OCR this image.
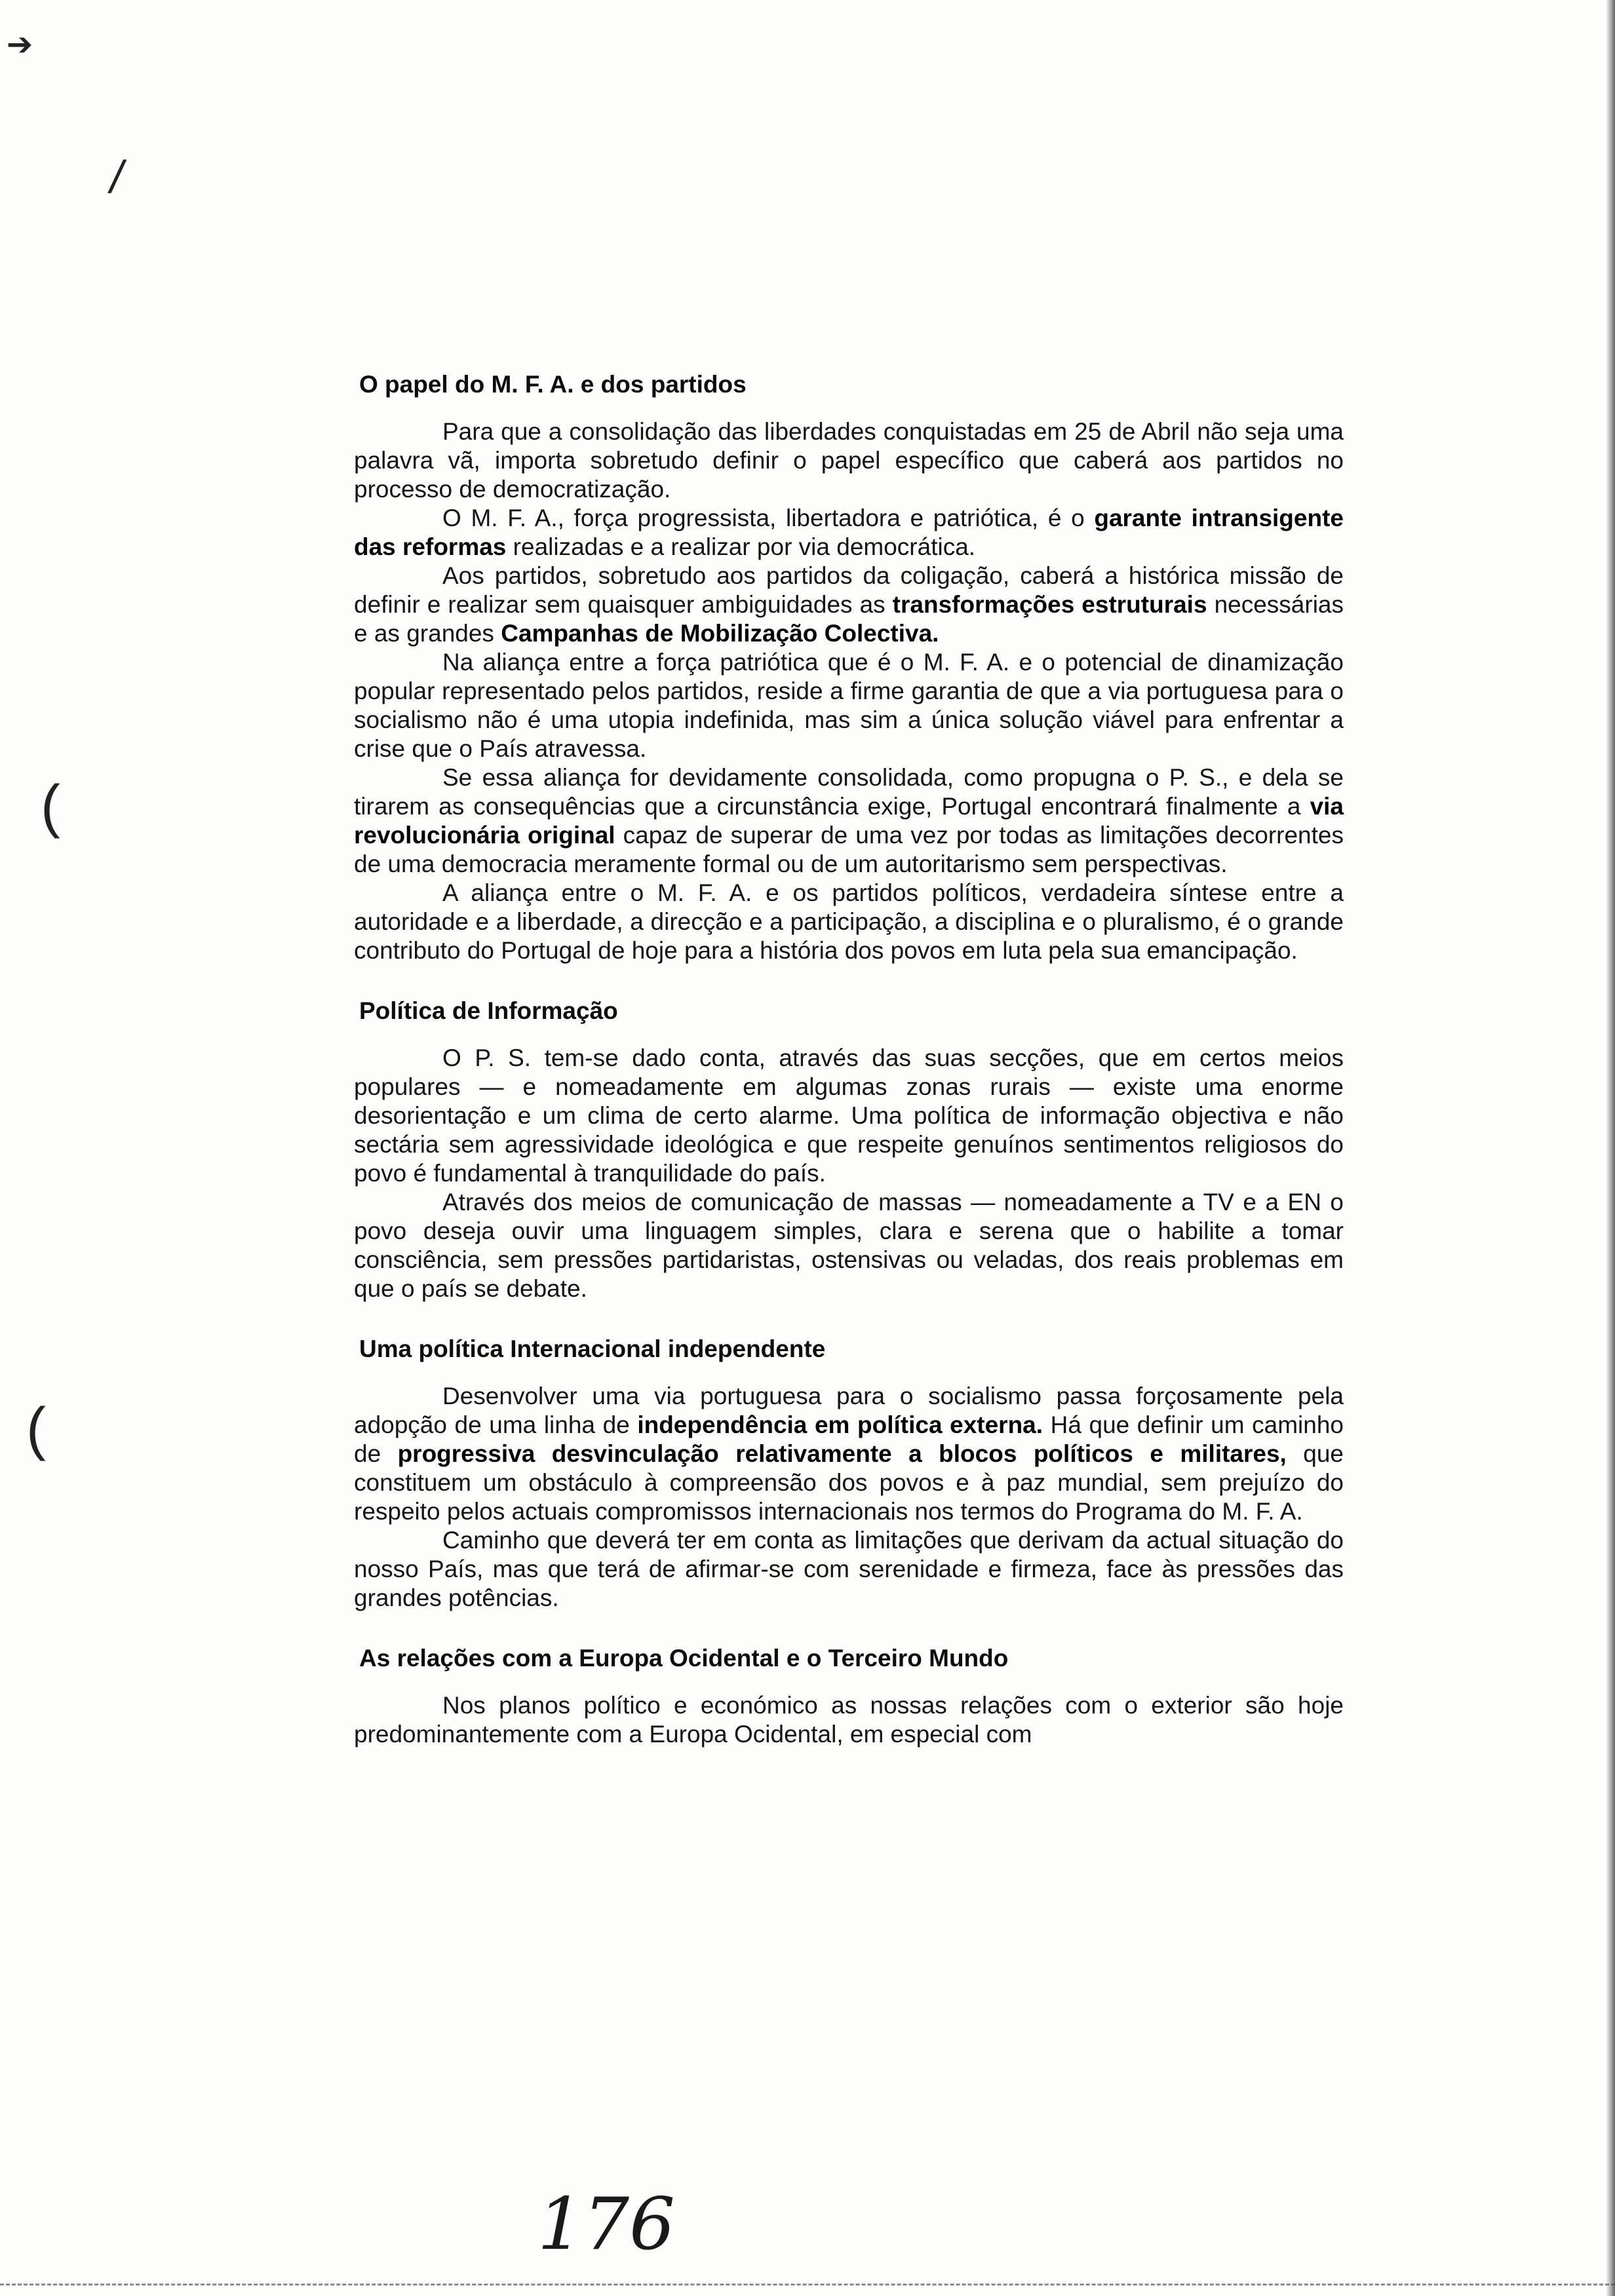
➔
/
(
(
O papel do M. F. A. e dos partidos

Para que a consolidação das liberdades conquistadas em 25 de Abril não seja uma palavra vã, importa sobretudo definir o papel específico que caberá aos partidos no processo de democratização.

O M. F. A., força progressista, libertadora e patriótica, é o garante intransigente das reformas realizadas e a realizar por via democrática.

Aos partidos, sobretudo aos partidos da coligação, caberá a histórica missão de definir e realizar sem quaisquer ambiguidades as transformações estruturais necessárias e as grandes Campanhas de Mobilização Colectiva.

Na aliança entre a força patriótica que é o M. F. A. e o potencial de dinamização popular representado pelos partidos, reside a firme garantia de que a via portuguesa para o socialismo não é uma utopia indefinida, mas sim a única solução viável para enfrentar a crise que o País atravessa.

Se essa aliança for devidamente consolidada, como propugna o P. S., e dela se tirarem as consequências que a circunstância exige, Portugal encontrará finalmente a via revolucionária original capaz de superar de uma vez por todas as limitações decorrentes de uma democracia meramente formal ou de um autoritarismo sem perspectivas.

A aliança entre o M. F. A. e os partidos políticos, verdadeira síntese entre a autoridade e a liberdade, a direcção e a participação, a disciplina e o pluralismo, é o grande contributo do Portugal de hoje para a história dos povos em luta pela sua emancipação.

Política de Informação

O P. S. tem-se dado conta, através das suas secções, que em certos meios populares — e nomeadamente em algumas zonas rurais — existe uma enorme desorientação e um clima de certo alarme. Uma política de informação objectiva e não sectária sem agressividade ideológica e que respeite genuínos sentimentos religiosos do povo é fundamental à tranquilidade do país.

Através dos meios de comunicação de massas — nomeadamente a TV e a EN o povo deseja ouvir uma linguagem simples, clara e serena que o habilite a tomar consciência, sem pressões partidaristas, ostensivas ou veladas, dos reais problemas em que o país se debate.

Uma política Internacional independente

Desenvolver uma via portuguesa para o socialismo passa forçosamente pela adopção de uma linha de independência em política externa. Há que definir um caminho de progressiva desvinculação relativamente a blocos políticos e militares, que constituem um obstáculo à compreensão dos povos e à paz mundial, sem prejuízo do respeito pelos actuais compromissos internacionais nos termos do Programa do M. F. A.

Caminho que deverá ter em conta as limitações que derivam da actual situação do nosso País, mas que terá de afirmar-se com serenidade e firmeza, face às pressões das grandes potências.

As relações com a Europa Ocidental e o Terceiro Mundo

Nos planos político e económico as nossas relações com o exterior são hoje predominantemente com a Europa Ocidental, em especial com

176
